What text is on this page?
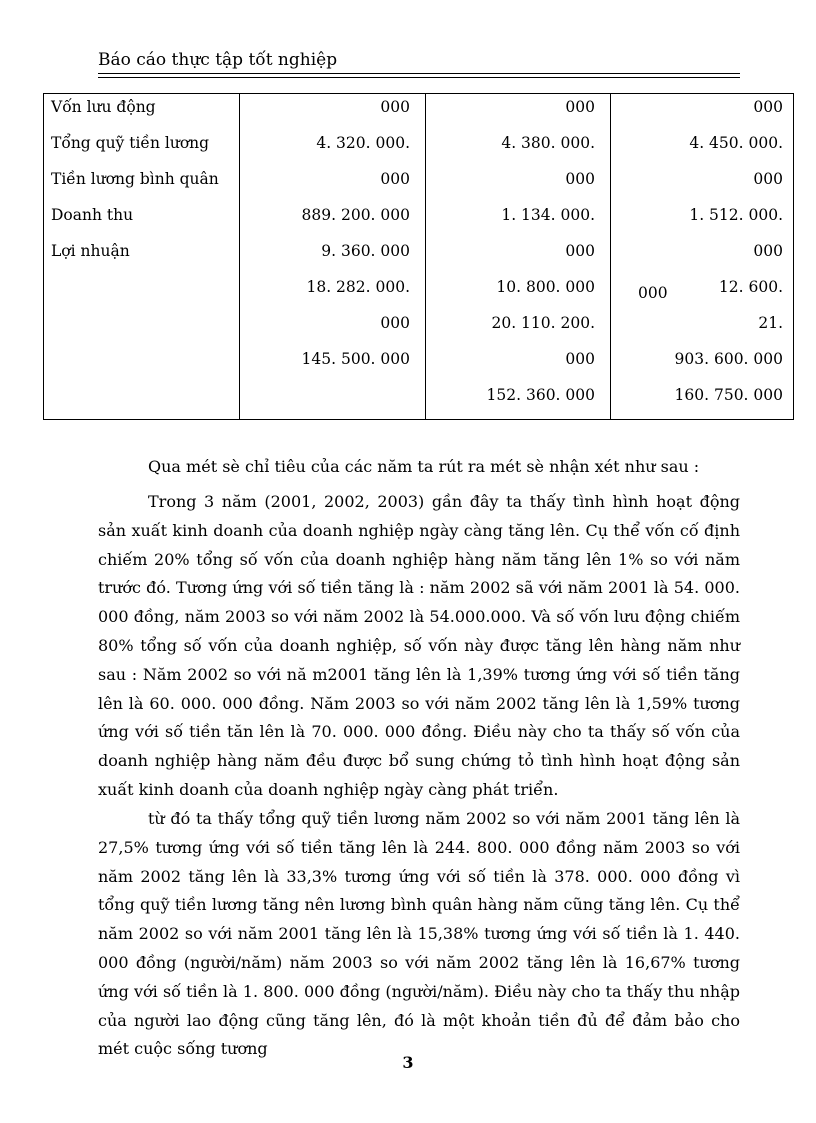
Báo cáo thực tập tốt nghiệp
Vốn lưu động
Tổng quỹ tiền lương
Tiền lương bình quân
Doanh thu
Lợi nhuận
000
4. 320. 000.
000
889. 200. 000
9. 360. 000
18. 282. 000.
000
145. 500. 000
000
4. 380. 000.
000
1. 134. 000.
000
10. 800. 000
20. 110. 200.
000
152. 360. 000
000
4. 450. 000.
000
1. 512. 000.
000
12. 600.
21.
903. 600. 000
160. 750. 000
000
Qua mét sè chỉ tiêu của các năm ta rút ra mét sè nhận xét như sau :

Trong 3 năm (2001, 2002, 2003) gần đây ta thấy tình hình hoạt động sản xuất kinh doanh của doanh nghiệp ngày càng tăng lên. Cụ thể vốn cố định chiếm 20% tổng số vốn của doanh nghiệp hàng năm tăng lên 1% so với năm trước đó. Tương ứng với số tiền tăng là : năm 2002 sã với năm 2001 là 54. 000. 000 đồng, năm 2003 so với năm 2002 là 54.000.000. Và số vốn lưu động chiếm 80% tổng số vốn của doanh nghiệp, số vốn này được tăng lên hàng năm như sau : Năm 2002 so với nă m2001 tăng lên là 1,39% tương ứng với số tiền tăng lên là 60. 000. 000 đồng. Năm 2003 so với năm 2002 tăng lên là 1,59% tương ứng với số tiền tăn lên là 70. 000. 000 đồng. Điều này cho ta thấy số vốn của doanh nghiệp hàng năm đều được bổ sung chứng tỏ tình hình hoạt động sản xuất kinh doanh của doanh nghiệp ngày càng phát triển.

từ đó ta thấy tổng quỹ tiền lương năm 2002 so với năm 2001 tăng lên là 27,5% tương ứng với số tiền tăng lên là 244. 800. 000 đồng năm 2003 so với năm 2002 tăng lên là 33,3% tương ứng với số tiền là 378. 000. 000 đồng vì tổng quỹ tiền lương tăng nên lương bình quân hàng năm cũng tăng lên. Cụ thể năm 2002 so với năm 2001 tăng lên là 15,38% tương ứng với số tiền là 1. 440. 000 đồng (người/năm) năm 2003 so với năm 2002 tăng lên là 16,67% tương ứng với số tiền là 1. 800. 000 đồng (người/năm). Điều này cho ta thấy thu nhập của người lao động cũng tăng lên, đó là một khoản tiền đủ để đảm bảo cho mét cuộc sống tương

3
